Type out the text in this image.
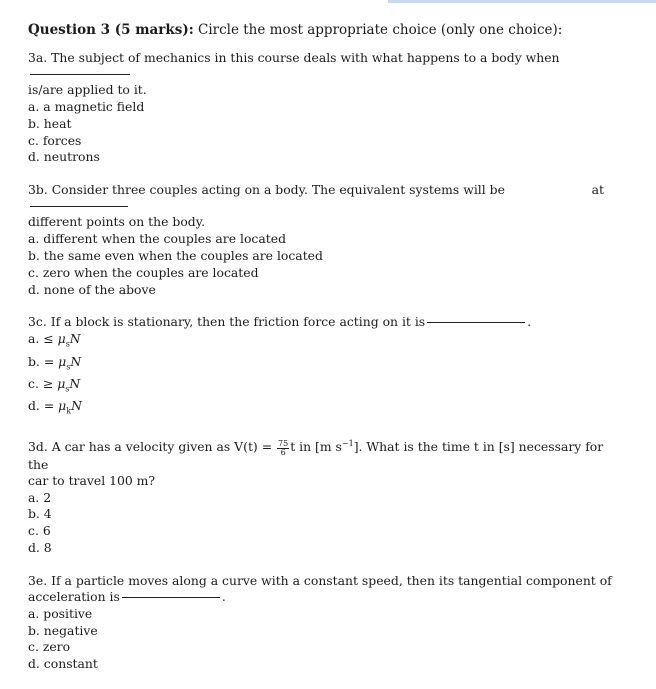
Question 3 (5 marks): Circle the most appropriate choice (only one choice):

3a. The subject of mechanics in this course deals with what happens to a body when
is/are applied to it.

a. a magnetic field
b. heat
c. forces
d. neutrons

at
3b. Consider three couples acting on a body. The equivalent systems will be
different points on the body.

a. different when the couples are located
b. the same even when the couples are located
c. zero when the couples are located
d. none of the above

3c. If a block is stationary, then the friction force acting on it is	.

a. ≤ $\mu_sN$
b. = $\mu_sN$
c. ≥ $\mu_sN$
d. = $\mu_kN$

3d. A car has a velocity given as $V(t) = \frac{75}{6}$ t in [m $s^{-1}$]. What is the time t in [s] necessary for the
car to travel 100 m?

a. 2
b. 4
c. 6
d. 8

3e. If a particle moves along a curve with a constant speed, then its tangential component of acceleration is	.

a. positive
b. negative
c. zero
d. constant
